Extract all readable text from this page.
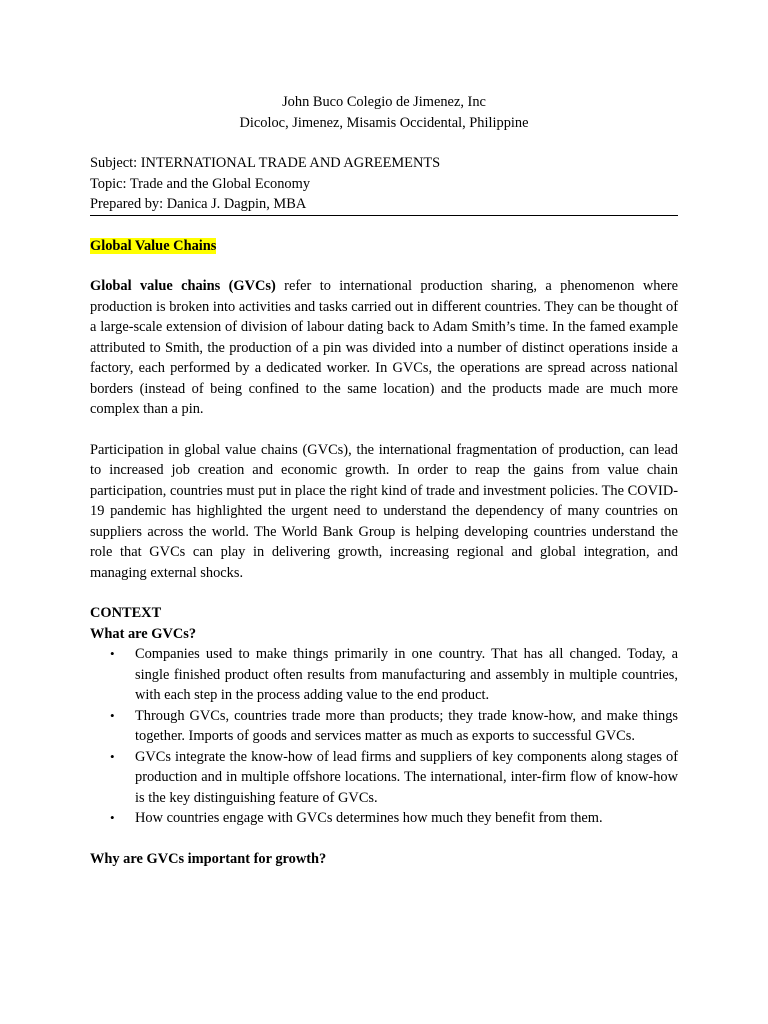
John Buco Colegio de Jimenez, Inc
Dicoloc, Jimenez, Misamis Occidental, Philippine
Subject: INTERNATIONAL TRADE AND AGREEMENTS
Topic: Trade and the Global Economy
Prepared by: Danica J. Dagpin, MBA
Global Value Chains

Global value chains (GVCs) refer to international production sharing, a phenomenon where production is broken into activities and tasks carried out in different countries. They can be thought of a large-scale extension of division of labour dating back to Adam Smith’s time. In the famed example attributed to Smith, the production of a pin was divided into a number of distinct operations inside a factory, each performed by a dedicated worker. In GVCs, the operations are spread across national borders (instead of being confined to the same location) and the products made are much more complex than a pin.

Participation in global value chains (GVCs), the international fragmentation of production, can lead to increased job creation and economic growth. In order to reap the gains from value chain participation, countries must put in place the right kind of trade and investment policies. The COVID-19 pandemic has highlighted the urgent need to understand the dependency of many countries on suppliers across the world. The World Bank Group is helping developing countries understand the role that GVCs can play in delivering growth, increasing regional and global integration, and managing external shocks.

CONTEXT
What are GVCs?
• Companies used to make things primarily in one country. That has all changed. Today, a single finished product often results from manufacturing and assembly in multiple countries, with each step in the process adding value to the end product.
• Through GVCs, countries trade more than products; they trade know-how, and make things together. Imports of goods and services matter as much as exports to successful GVCs.
• GVCs integrate the know-how of lead firms and suppliers of key components along stages of production and in multiple offshore locations. The international, inter-firm flow of know-how is the key distinguishing feature of GVCs.
• How countries engage with GVCs determines how much they benefit from them.
Why are GVCs important for growth?
